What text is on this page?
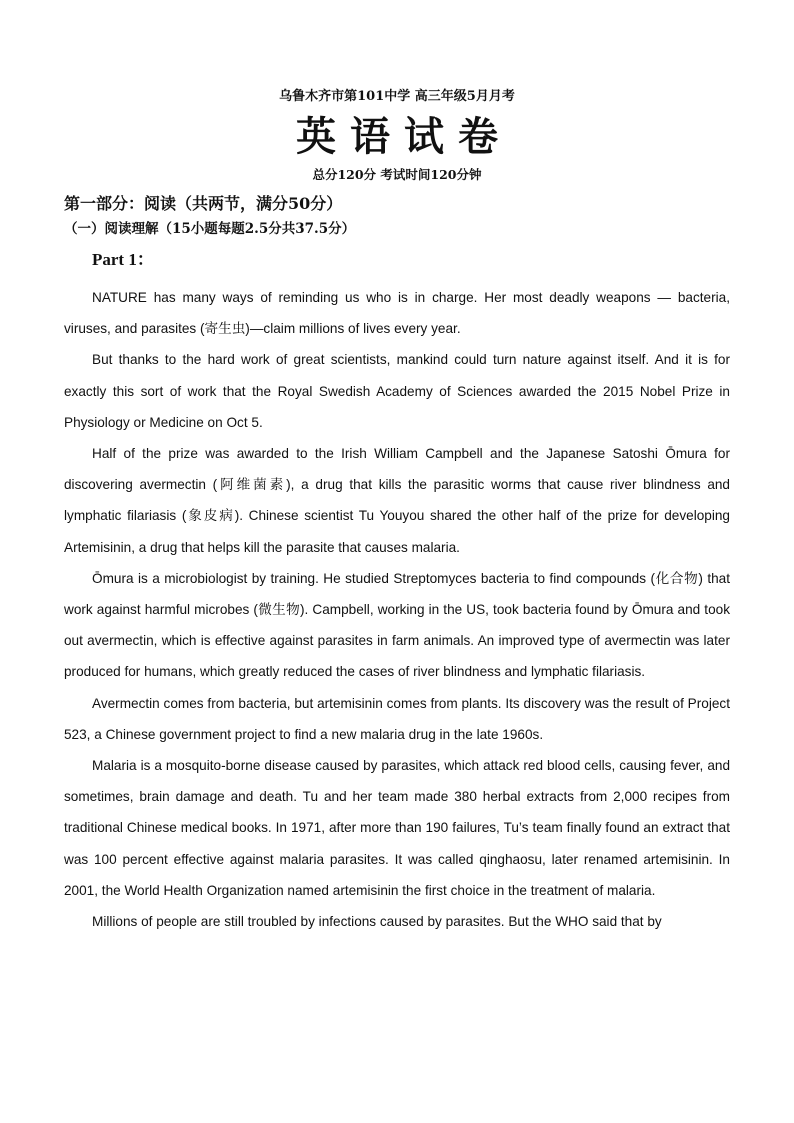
乌鲁木齐市第101中学 高三年级5月月考
英语试卷
总分120分 考试时间120分钟
第一部分：阅读（共两节，满分50分）
（一）阅读理解（15小题每题2.5分共37.5分）
Part 1：

NATURE has many ways of reminding us who is in charge. Her most deadly weapons — bacteria, viruses, and parasites (寄生虫)—claim millions of lives every year.

But thanks to the hard work of great scientists, mankind could turn nature against itself. And it is for exactly this sort of work that the Royal Swedish Academy of Sciences awarded the 2015 Nobel Prize in Physiology or Medicine on Oct 5.

Half of the prize was awarded to the Irish William Campbell and the Japanese Satoshi Ōmura for discovering avermectin (阿维菌素), a drug that kills the parasitic worms that cause river blindness and lymphatic filariasis (象皮病). Chinese scientist Tu Youyou shared the other half of the prize for developing Artemisinin, a drug that helps kill the parasite that causes malaria.

Ōmura is a microbiologist by training. He studied Streptomyces bacteria to find compounds (化合物) that work against harmful microbes (微生物). Campbell, working in the US, took bacteria found by Ōmura and took out avermectin, which is effective against parasites in farm animals. An improved type of avermectin was later produced for humans, which greatly reduced the cases of river blindness and lymphatic filariasis.

Avermectin comes from bacteria, but artemisinin comes from plants. Its discovery was the result of Project 523, a Chinese government project to find a new malaria drug in the late 1960s.

Malaria is a mosquito-borne disease caused by parasites, which attack red blood cells, causing fever, and sometimes, brain damage and death. Tu and her team made 380 herbal extracts from 2,000 recipes from traditional Chinese medical books. In 1971, after more than 190 failures, Tu’s team finally found an extract that was 100 percent effective against malaria parasites. It was called qinghaosu, later renamed artemisinin. In 2001, the World Health Organization named artemisinin the first choice in the treatment of malaria.

Millions of people are still troubled by infections caused by parasites. But the WHO said that by
